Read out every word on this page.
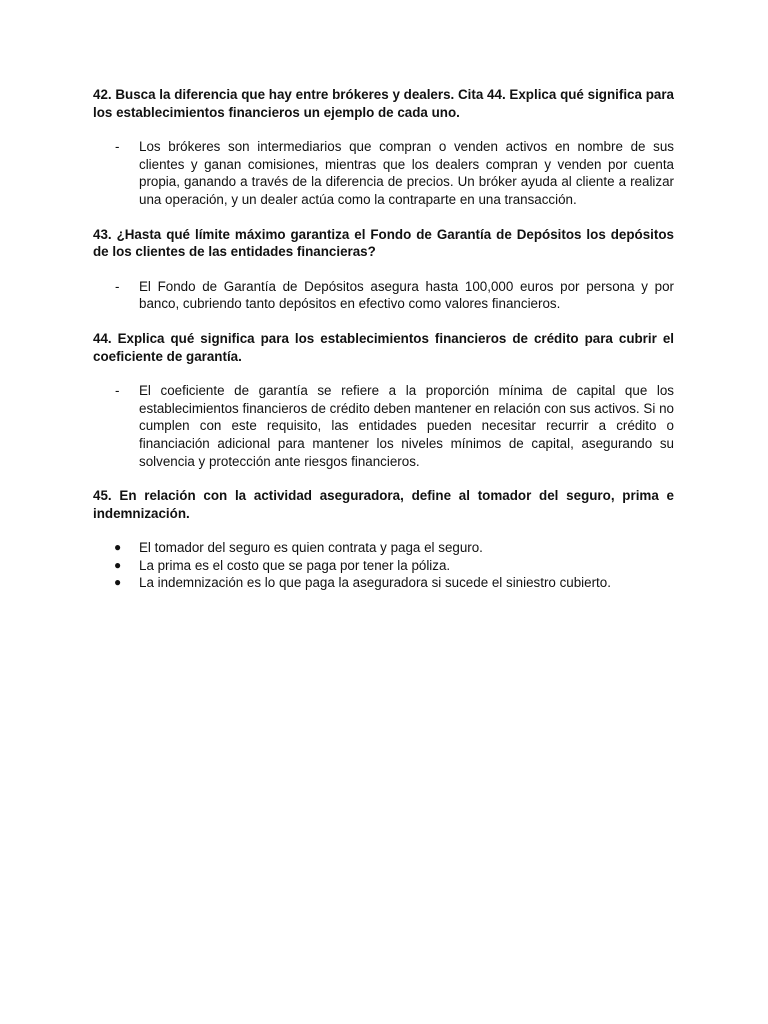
42. Busca la diferencia que hay entre brókeres y dealers. Cita 44. Explica qué significa para los establecimientos financieros un ejemplo de cada uno.

- Los brókeres son intermediarios que compran o venden activos en nombre de sus clientes y ganan comisiones, mientras que los dealers compran y venden por cuenta propia, ganando a través de la diferencia de precios. Un bróker ayuda al cliente a realizar una operación, y un dealer actúa como la contraparte en una transacción.

43. ¿Hasta qué límite máximo garantiza el Fondo de Garantía de Depósitos los depósitos de los clientes de las entidades financieras?

- El Fondo de Garantía de Depósitos asegura hasta 100,000 euros por persona y por banco, cubriendo tanto depósitos en efectivo como valores financieros.

44. Explica qué significa para los establecimientos financieros de crédito para cubrir el coeficiente de garantía.

- El coeficiente de garantía se refiere a la proporción mínima de capital que los establecimientos financieros de crédito deben mantener en relación con sus activos. Si no cumplen con este requisito, las entidades pueden necesitar recurrir a crédito o financiación adicional para mantener los niveles mínimos de capital, asegurando su solvencia y protección ante riesgos financieros.

45. En relación con la actividad aseguradora, define al tomador del seguro, prima e indemnización.

● El tomador del seguro es quien contrata y paga el seguro.
● La prima es el costo que se paga por tener la póliza.
● La indemnización es lo que paga la aseguradora si sucede el siniestro cubierto.
